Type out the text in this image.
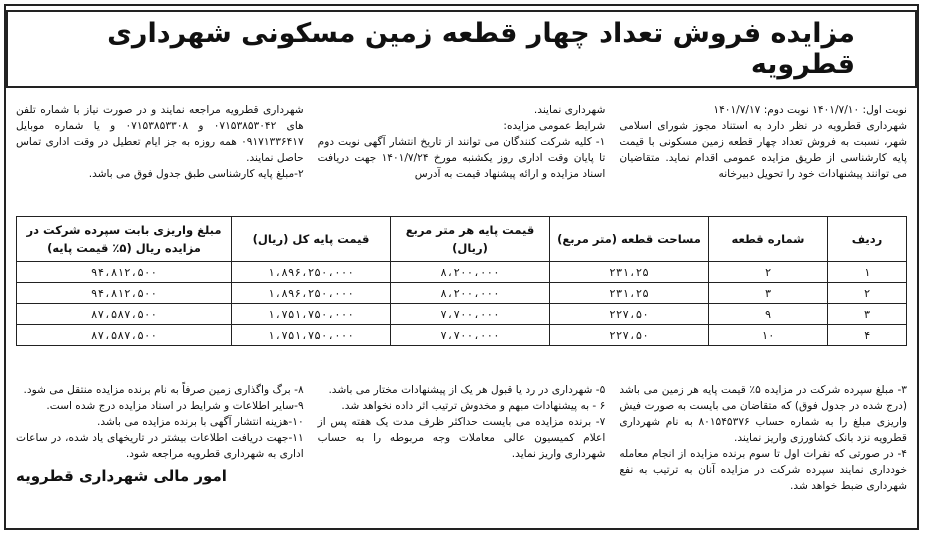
مزایده فروش تعداد چهار قطعه زمین مسکونی شهرداری قطرویه

نوبت اول: ۱۴۰۱/۷/۱۰ نوبت دوم: ۱۴۰۱/۷/۱۷

شهرداری قطرویه در نظر دارد به استناد مجوز شورای اسلامی شهر، نسبت به فروش تعداد چهار قطعه زمین مسکونی با قیمت پایه کارشناسی از طریق مزایده عمومی اقدام نماید. متقاضیان می توانند پیشنهادات خود را تحویل دبیرخانه

شهرداری نمایند.

شرایط عمومی مزایده:

۱- کلیه شرکت کنندگان می توانند از تاریخ انتشار آگهی نوبت دوم تا پایان وقت اداری روز یکشنبه مورخ ۱۴۰۱/۷/۲۴ جهت دریافت اسناد مزایده و ارائه پیشنهاد قیمت به آدرس

شهرداری قطرویه مراجعه نمایند و در صورت نیاز با شماره تلفن های ۰۷۱۵۳۸۵۳۰۴۲ و ۰۷۱۵۳۸۵۳۳۰۸ و یا شماره موبایل ۰۹۱۷۱۳۳۶۴۱۷ همه روزه به جز ایام تعطیل در وقت اداری تماس حاصل نمایند.

۲-مبلغ پایه کارشناسی طبق جدول فوق می باشد.

ردیف	شماره قطعه	مساحت قطعه (متر مربع)	قیمت پایه هر متر مربع (ریال)	قیمت پایه کل (ریال)	مبلغ واریزی بابت سپرده شرکت در مزایده ریال (۵٪ قیمت پایه)
۱	۲	۲۳۱،۲۵	۸،۲۰۰،۰۰۰	۱،۸۹۶،۲۵۰،۰۰۰	۹۴،۸۱۲،۵۰۰
۲	۳	۲۳۱،۲۵	۸،۲۰۰،۰۰۰	۱،۸۹۶،۲۵۰،۰۰۰	۹۴،۸۱۲،۵۰۰
۳	۹	۲۲۷،۵۰	۷،۷۰۰،۰۰۰	۱،۷۵۱،۷۵۰،۰۰۰	۸۷،۵۸۷،۵۰۰
۴	۱۰	۲۲۷،۵۰	۷،۷۰۰،۰۰۰	۱،۷۵۱،۷۵۰،۰۰۰	۸۷،۵۸۷،۵۰۰

۳- مبلغ سپرده شرکت در مزایده ۵٪ قیمت پایه هر زمین می باشد (درج شده در جدول فوق) که متقاضان می بایست به صورت فیش واریزی مبلغ را به شماره حساب ۸۰۱۵۴۵۳۷۶ به نام شهرداری قطرویه نزد بانک کشاورزی واریز نمایند.

۴- در صورتی که نفرات اول تا سوم برنده مزایده از انجام معامله خودداری نمایند سپرده شرکت در مزایده آنان به ترتیب به نفع شهرداری ضبط خواهد شد.

۵- شهرداری در رد یا قبول هر یک از پیشنهادات مختار می باشد.

۶ - به پیشنهادات مبهم و مخدوش ترتیب اثر داده نخواهد شد.

۷- برنده مزایده می بایست حداکثر ظرف مدت یک هفته پس از اعلام کمیسیون عالی معاملات وجه مربوطه را به حساب شهرداری واریز نماید.

۸- برگ واگذاری زمین صرفاً به نام برنده مزایده منتقل می شود.

۹-سایر اطلاعات و شرایط در اسناد مزایده درج شده است.

۱۰-هزینه انتشار آگهی با برنده مزایده می باشد.

۱۱-جهت دریافت اطلاعات بیشتر در تاریخهای یاد شده، در ساعات اداری به شهرداری قطرویه مراجعه شود.

امور مالی شهرداری قطرویه
